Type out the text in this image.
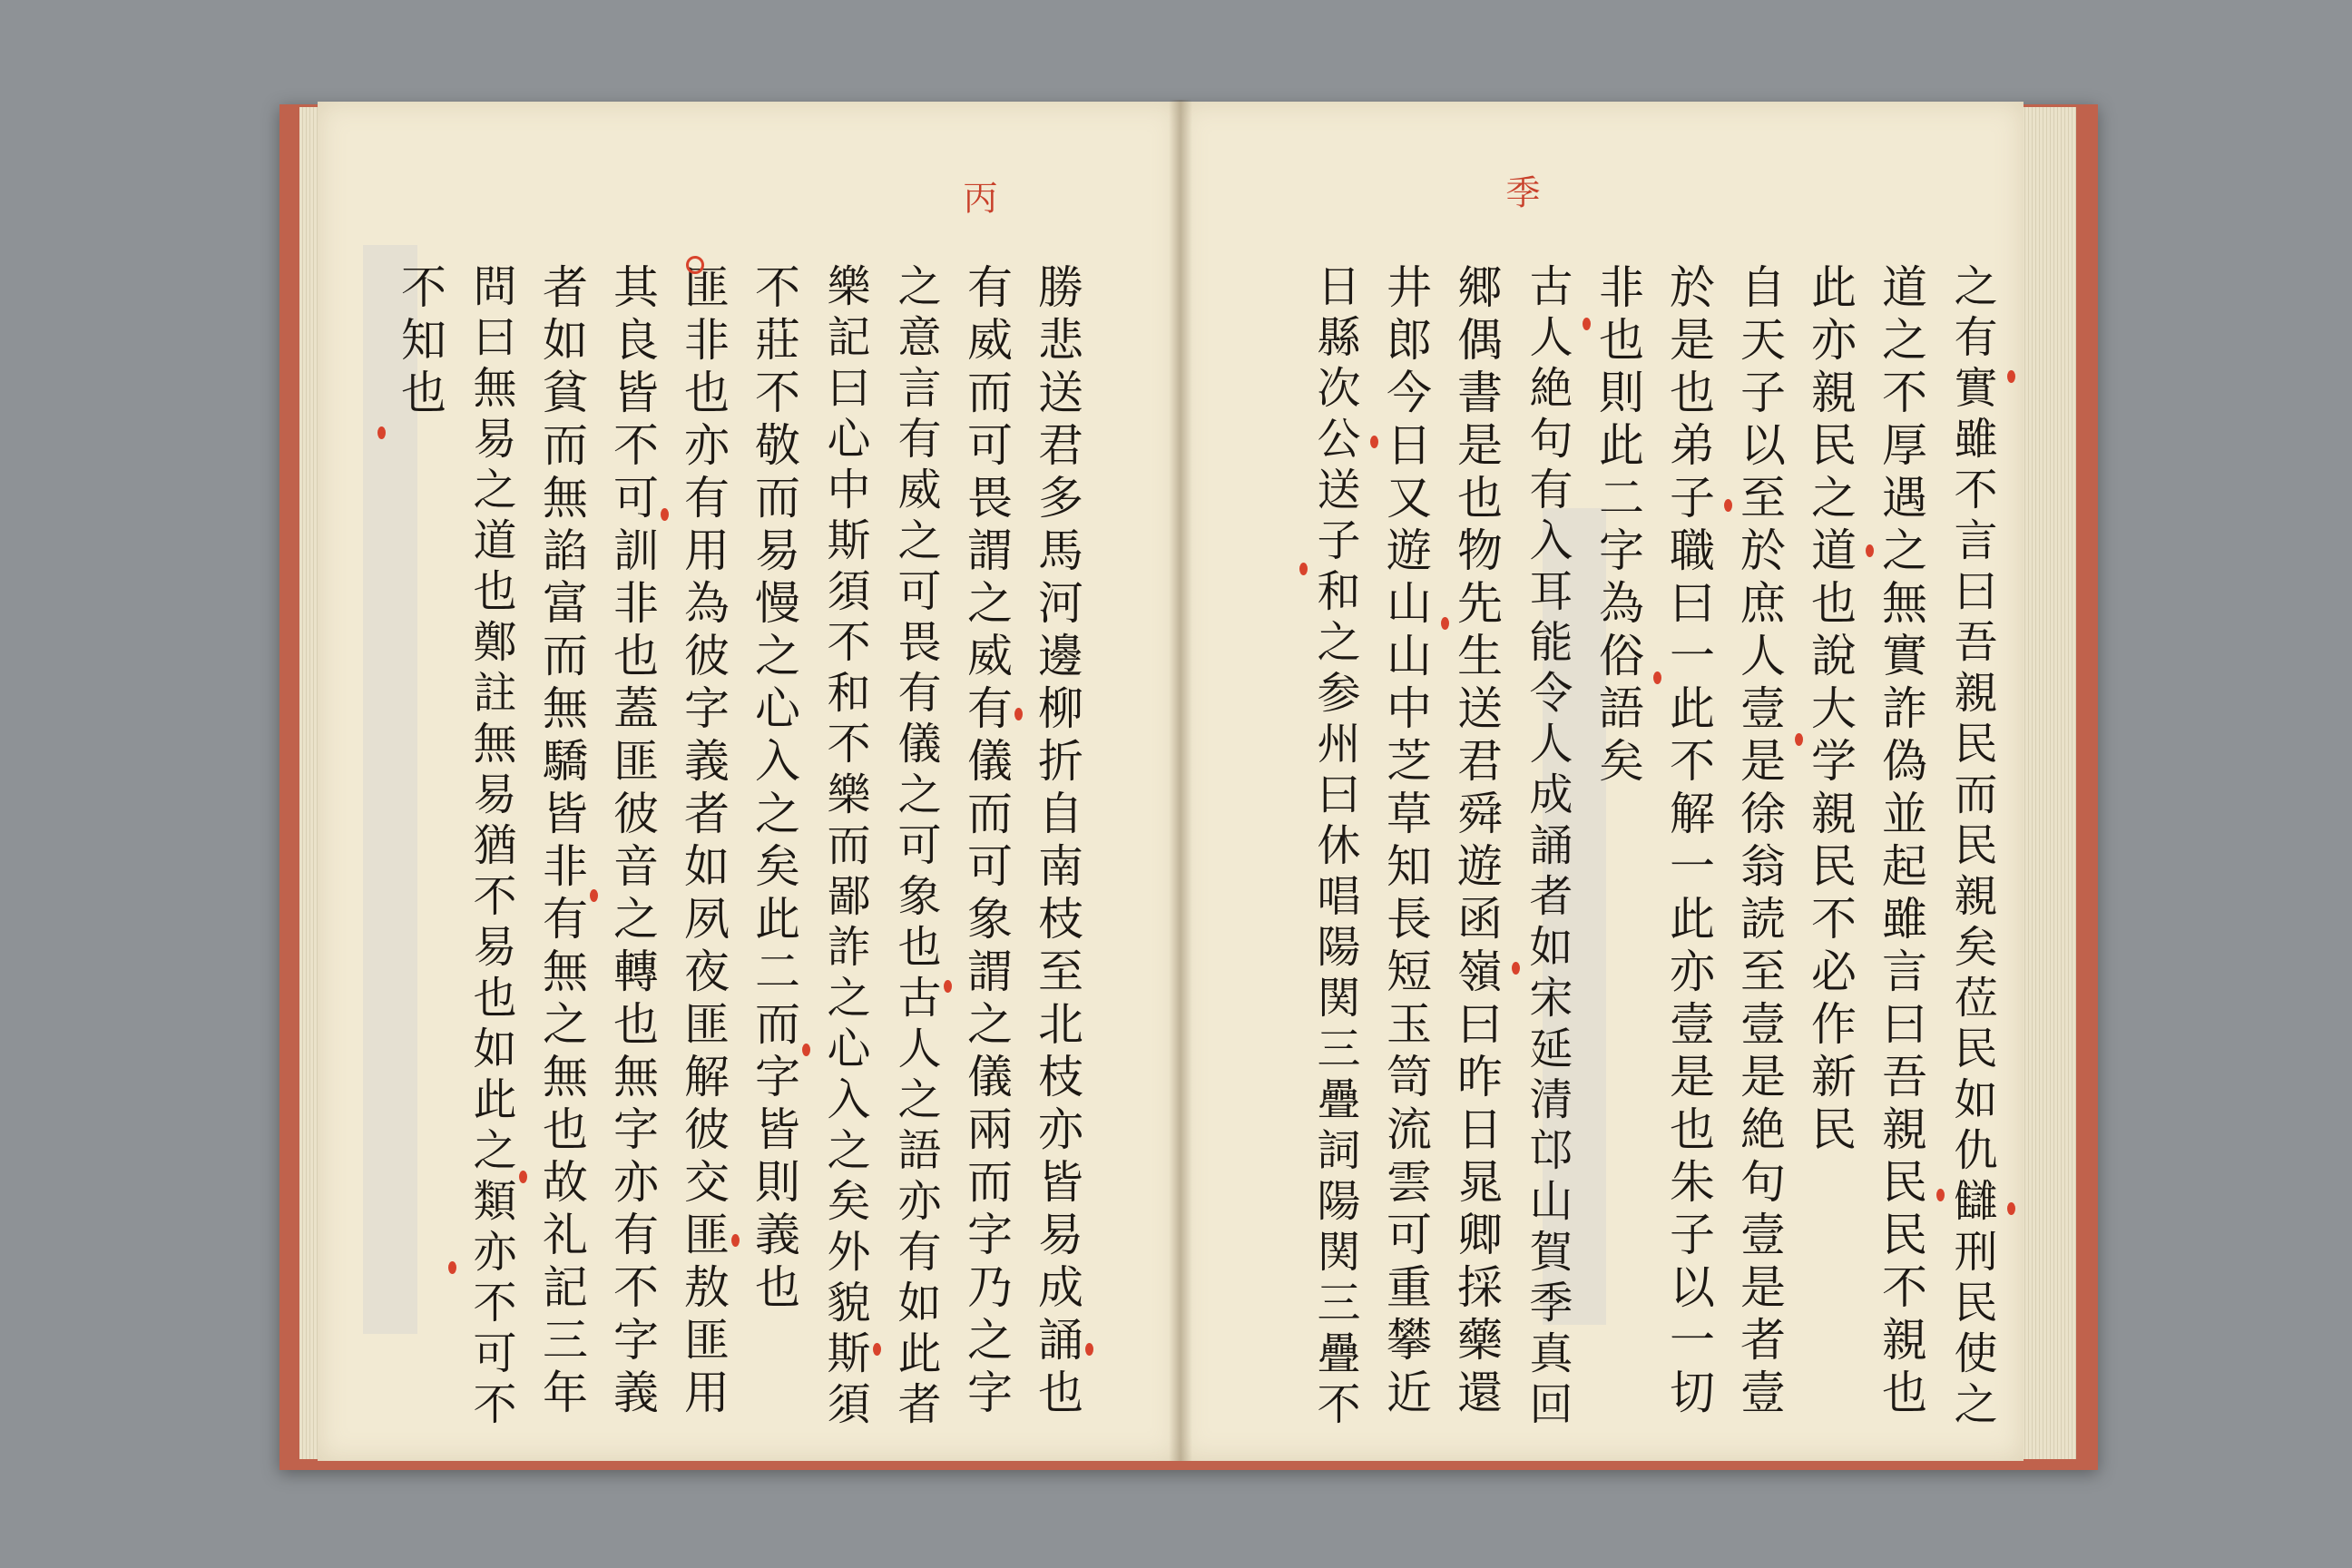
丙	季
之有實雖不言曰吾親民而民親矣莅民如仇讎刑民使之
道之不厚遇之無實詐偽並起雖言曰吾親民民不親也
此亦親民之道也說大学親民不必作新民
自天子以至於庶人壹是徐翁読至壹是絶句壹是者壹
於是也弟子職曰一此不解一此亦壹是也朱子以一切
非也則此二字為俗語矣
古人絶句有入耳能令人成誦者如宋延清邙山賀季真回
郷偶書是也物先生送君舜遊函嶺曰昨日晁卿採藥還
井郎今日又遊山山中芝草知長短玉笥流雲可重攀近
日縣次公送子和之参州曰休唱陽関三疊詞陽関三疊不
勝悲送君多馬河邊柳折自南枝至北枝亦皆易成誦也
有威而可畏謂之威有儀而可象謂之儀兩而字乃之字
之意言有威之可畏有儀之可象也古人之語亦有如此者
樂記曰心中斯須不和不樂而鄙詐之心入之矣外貌斯須
不莊不敬而易慢之心入之矣此二而字皆則義也
匪非也亦有用為彼字義者如夙夜匪解彼交匪敖匪用
其良皆不可訓非也蓋匪彼音之轉也無字亦有不字義
者如貧而無諂富而無驕皆非有無之無也故礼記三年
問曰無易之道也鄭註無易猶不易也如此之類亦不可不
不知也
